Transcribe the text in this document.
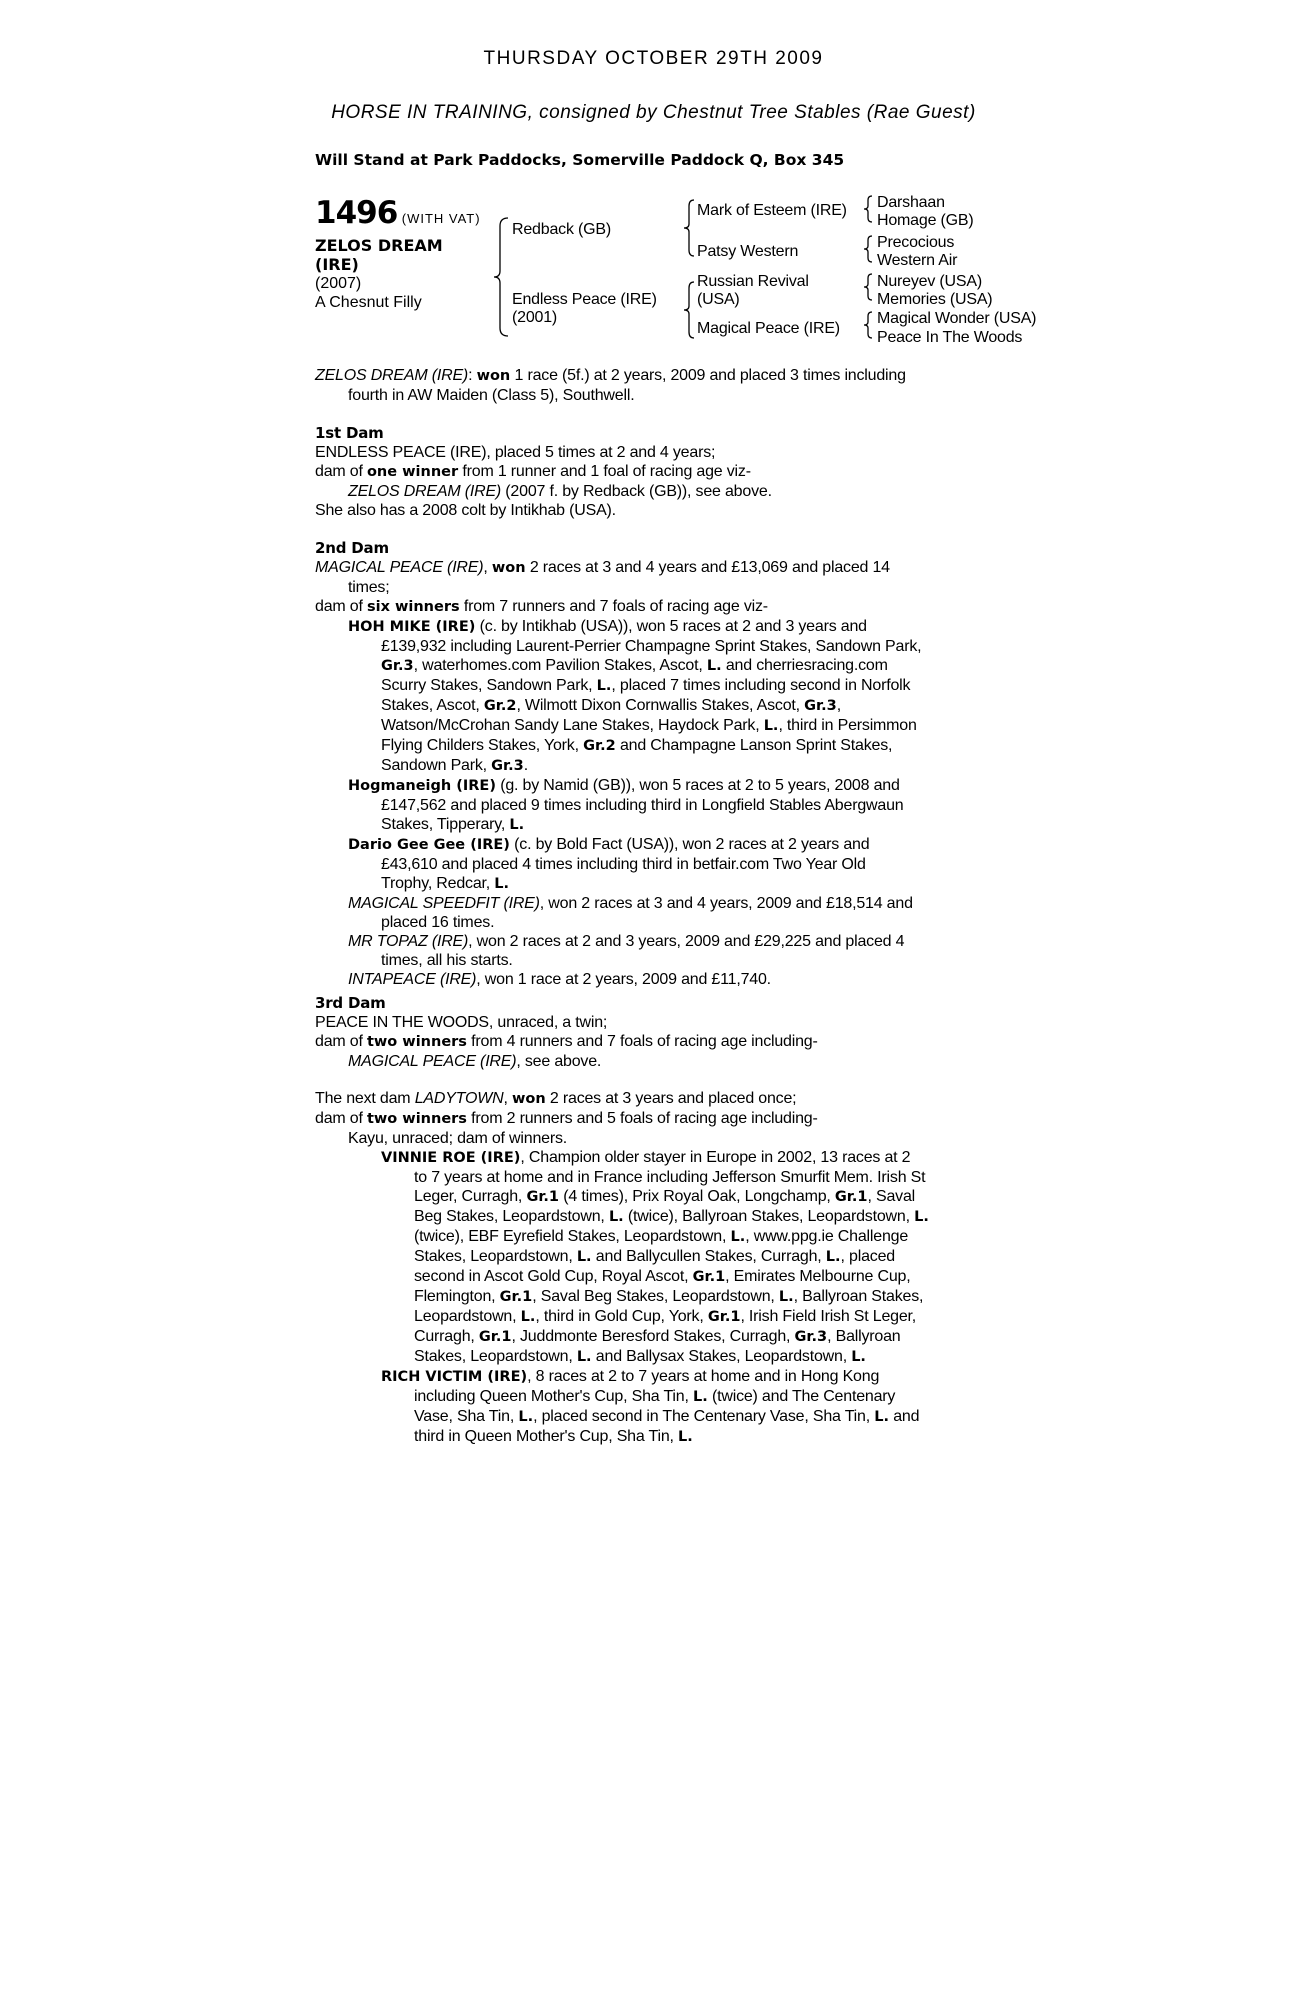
THURSDAY OCTOBER 29TH 2009
HORSE IN TRAINING, consigned by Chestnut Tree Stables (Rae Guest)
Will Stand at Park Paddocks, Somerville Paddock Q, Box 345
1496 (WITH VAT)
ZELOS DREAM
(IRE)
(2007)
A Chesnut Filly
Redback (GB)
Endless Peace (IRE)
(2001)
Mark of Esteem (IRE)
Patsy Western
Russian Revival
(USA)
Magical Peace (IRE)
Darshaan
Homage (GB)
Precocious
Western Air
Nureyev (USA)
Memories (USA)
Magical Wonder (USA)
Peace In The Woods
ZELOS DREAM (IRE): won 1 race (5f.) at 2 years, 2009 and placed 3 times including
fourth in AW Maiden (Class 5), Southwell.
1st Dam
ENDLESS PEACE (IRE), placed 5 times at 2 and 4 years;
dam of one winner from 1 runner and 1 foal of racing age viz-
ZELOS DREAM (IRE) (2007 f. by Redback (GB)), see above.
She also has a 2008 colt by Intikhab (USA).
2nd Dam
MAGICAL PEACE (IRE), won 2 races at 3 and 4 years and £13,069 and placed 14
times;
dam of six winners from 7 runners and 7 foals of racing age viz-
HOH MIKE (IRE) (c. by Intikhab (USA)), won 5 races at 2 and 3 years and
£139,932 including Laurent-Perrier Champagne Sprint Stakes, Sandown Park,
Gr.3, waterhomes.com Pavilion Stakes, Ascot, L. and cherriesracing.com
Scurry Stakes, Sandown Park, L., placed 7 times including second in Norfolk
Stakes, Ascot, Gr.2, Wilmott Dixon Cornwallis Stakes, Ascot, Gr.3,
Watson/McCrohan Sandy Lane Stakes, Haydock Park, L., third in Persimmon
Flying Childers Stakes, York, Gr.2 and Champagne Lanson Sprint Stakes,
Sandown Park, Gr.3.
Hogmaneigh (IRE) (g. by Namid (GB)), won 5 races at 2 to 5 years, 2008 and
£147,562 and placed 9 times including third in Longfield Stables Abergwaun
Stakes, Tipperary, L.
Dario Gee Gee (IRE) (c. by Bold Fact (USA)), won 2 races at 2 years and
£43,610 and placed 4 times including third in betfair.com Two Year Old
Trophy, Redcar, L.
MAGICAL SPEEDFIT (IRE), won 2 races at 3 and 4 years, 2009 and £18,514 and
placed 16 times.
MR TOPAZ (IRE), won 2 races at 2 and 3 years, 2009 and £29,225 and placed 4
times, all his starts.
INTAPEACE (IRE), won 1 race at 2 years, 2009 and £11,740.
3rd Dam
PEACE IN THE WOODS, unraced, a twin;
dam of two winners from 4 runners and 7 foals of racing age including-
MAGICAL PEACE (IRE), see above.
The next dam LADYTOWN, won 2 races at 3 years and placed once;
dam of two winners from 2 runners and 5 foals of racing age including-
Kayu, unraced; dam of winners.
VINNIE ROE (IRE), Champion older stayer in Europe in 2002, 13 races at 2
to 7 years at home and in France including Jefferson Smurfit Mem. Irish St
Leger, Curragh, Gr.1 (4 times), Prix Royal Oak, Longchamp, Gr.1, Saval
Beg Stakes, Leopardstown, L. (twice), Ballyroan Stakes, Leopardstown, L.
(twice), EBF Eyrefield Stakes, Leopardstown, L., www.ppg.ie Challenge
Stakes, Leopardstown, L. and Ballycullen Stakes, Curragh, L., placed
second in Ascot Gold Cup, Royal Ascot, Gr.1, Emirates Melbourne Cup,
Flemington, Gr.1, Saval Beg Stakes, Leopardstown, L., Ballyroan Stakes,
Leopardstown, L., third in Gold Cup, York, Gr.1, Irish Field Irish St Leger,
Curragh, Gr.1, Juddmonte Beresford Stakes, Curragh, Gr.3, Ballyroan
Stakes, Leopardstown, L. and Ballysax Stakes, Leopardstown, L.
RICH VICTIM (IRE), 8 races at 2 to 7 years at home and in Hong Kong
including Queen Mother's Cup, Sha Tin, L. (twice) and The Centenary
Vase, Sha Tin, L., placed second in The Centenary Vase, Sha Tin, L. and
third in Queen Mother's Cup, Sha Tin, L.
